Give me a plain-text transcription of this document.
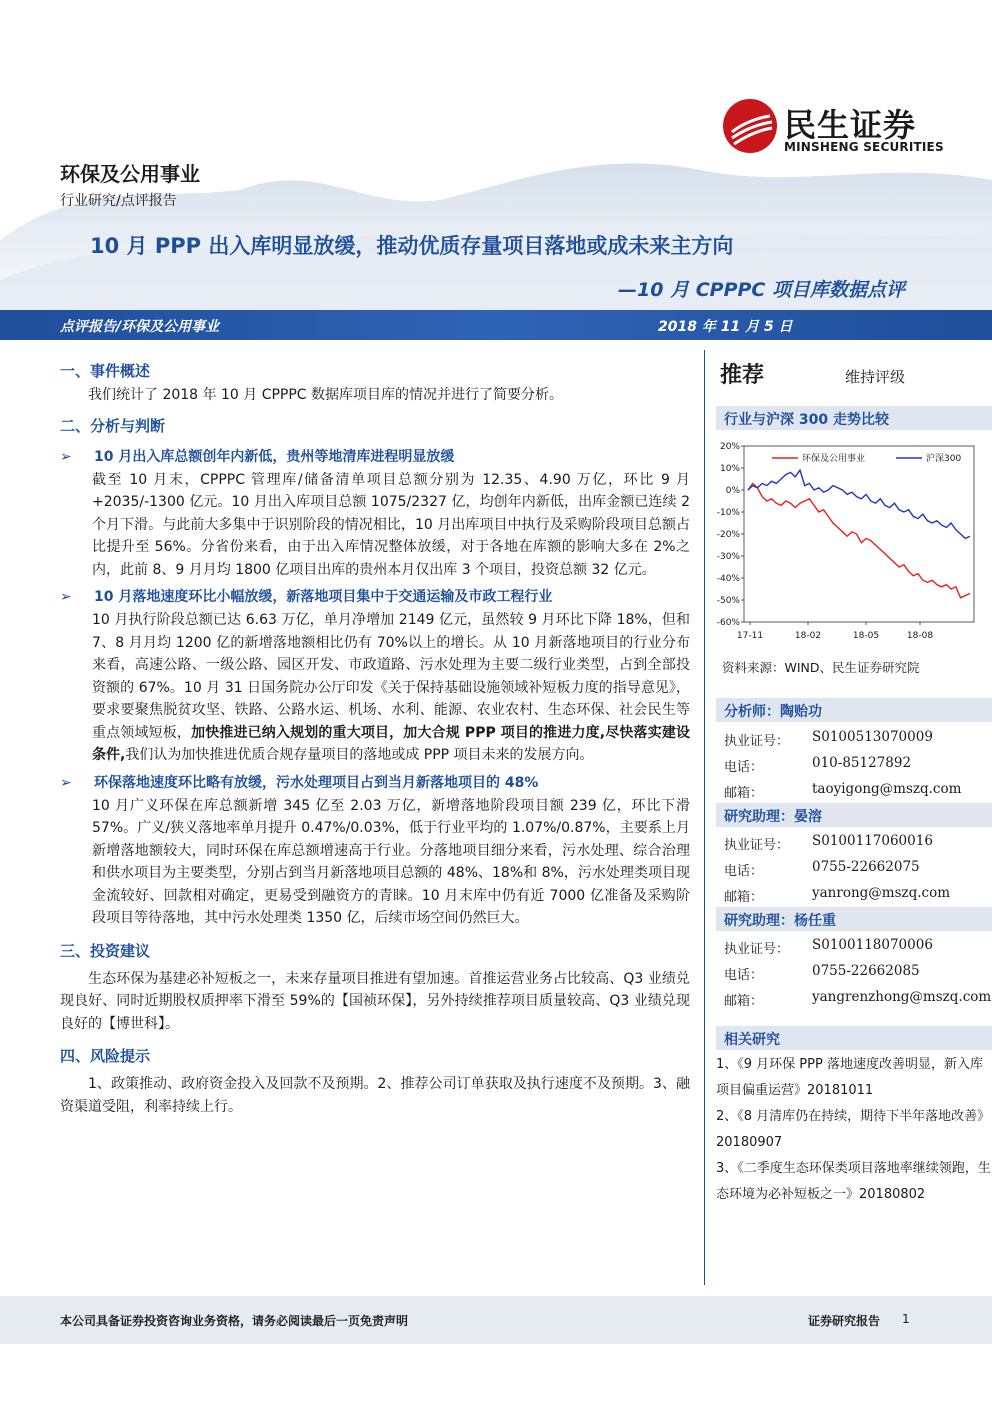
民生证券
MINSHENG SECURITIES
环保及公用事业
行业研究/点评报告
10 月 PPP 出入库明显放缓，推动优质存量项目落地或成未来主方向
—10 月 CPPPC 项目库数据点评
点评报告/环保及公用事业	2018 年 11 月 5 日

一、事件概述

我们统计了 2018 年 10 月 CPPPC 数据库项目库的情况并进行了简要分析。

二、分析与判断

➢ 10 月出入库总额创年内新低，贵州等地清库进程明显放缓

截至 10 月末，CPPPC 管理库/储备清单项目总额分别为 12.35、4.90 万亿，环比 9 月+2035/-1300 亿元。10 月出入库项目总额 1075/2327 亿，均创年内新低，出库金额已连续 2 个月下滑。与此前大多集中于识别阶段的情况相比，10 月出库项目中执行及采购阶段项目总额占比提升至 56%。分省份来看，由于出入库情况整体放缓，对于各地在库额的影响大多在 2%之内，此前 8、9 月月均 1800 亿项目出库的贵州本月仅出库 3 个项目，投资总额 32 亿元。

➢ 10 月落地速度环比小幅放缓，新落地项目集中于交通运输及市政工程行业

10 月执行阶段总额已达 6.63 万亿，单月净增加 2149 亿元，虽然较 9 月环比下降 18%，但和 7、8 月月均 1200 亿的新增落地额相比仍有 70%以上的增长。从 10 月新落地项目的行业分布来看，高速公路、一级公路、园区开发、市政道路、污水处理为主要二级行业类型，占到全部投资额的 67%。10 月 31 日国务院办公厅印发《关于保持基础设施领域补短板力度的指导意见》，要求要聚焦脱贫攻坚、铁路、公路水运、机场、水利、能源、农业农村、生态环保、社会民生等重点领域短板，加快推进已纳入规划的重大项目，加大合规 PPP 项目的推进力度,尽快落实建设条件,我们认为加快推进优质合规存量项目的落地或成 PPP 项目未来的发展方向。

➢ 环保落地速度环比略有放缓，污水处理项目占到当月新落地项目的 48%

10 月广义环保在库总额新增 345 亿至 2.03 万亿，新增落地阶段项目额 239 亿，环比下滑 57%。广义/狭义落地率单月提升 0.47%/0.03%，低于行业平均的 1.07%/0.87%，主要系上月新增落地额较大，同时环保在库总额增速高于行业。分落地项目细分来看，污水处理、综合治理和供水项目为主要类型，分别占到当月新落地项目总额的 48%、18%和 8%，污水处理类项目现金流较好、回款相对确定，更易受到融资方的青睐。10 月末库中仍有近 7000 亿准备及采购阶段项目等待落地，其中污水处理类 1350 亿，后续市场空间仍然巨大。

三、投资建议

生态环保为基建必补短板之一，未来存量项目推进有望加速。首推运营业务占比较高、Q3 业绩兑现良好、同时近期股权质押率下滑至 59%的【国祯环保】，另外持续推荐项目质量较高、Q3 业绩兑现良好的【博世科】。

四、风险提示

1、政策推动、政府资金投入及回款不及预期。2、推荐公司订单获取及执行速度不及预期。3、融资渠道受阻，利率持续上行。

推荐	维持评级
行业与沪深 300 走势比较
20%
10%
0%
-10%
-20%
-30%
-40%
-50%
-60%
17-11	18-02	18-05	18-08
环保及公用事业	沪深300
资料来源：WIND、民生证券研究院
分析师：陶贻功
执业证号： S0100513070009
电话：	010-85127892
邮箱：	taoyigong@mszq.com
研究助理：晏溶
执业证号： S0100117060016
电话：	0755-22662075
邮箱：	yanrong@mszq.com
研究助理：杨任重
执业证号： S0100118070006
电话：	0755-22662085
邮箱：	yangrenzhong@mszq.com
相关研究

1、《9 月环保 PPP 落地速度改善明显，新入库项目偏重运营》20181011

2、《8 月清库仍在持续，期待下半年落地改善》20180907

3、《二季度生态环保类项目落地率继续领跑，生态环境为必补短板之一》20180802

本公司具备证券投资咨询业务资格，请务必阅读最后一页免责声明	证券研究报告 1
